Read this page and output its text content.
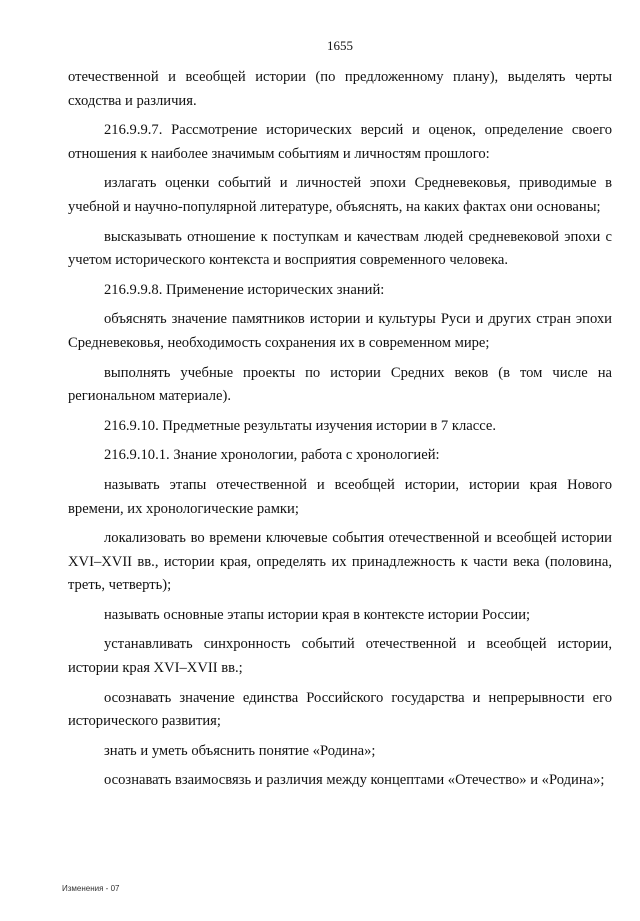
1655

отечественной и всеобщей истории (по предложенному плану), выделять черты сходства и различия.

216.9.9.7. Рассмотрение исторических версий и оценок, определение своего отношения к наиболее значимым событиям и личностям прошлого:

излагать оценки событий и личностей эпохи Средневековья, приводимые в учебной и научно-популярной литературе, объяснять, на каких фактах они основаны;

высказывать отношение к поступкам и качествам людей средневековой эпохи с учетом исторического контекста и восприятия современного человека.

216.9.9.8. Применение исторических знаний:

объяснять значение памятников истории и культуры Руси и других стран эпохи Средневековья, необходимость сохранения их в современном мире;

выполнять учебные проекты по истории Средних веков (в том числе на региональном материале).

216.9.10. Предметные результаты изучения истории в 7 классе.

216.9.10.1. Знание хронологии, работа с хронологией:

называть этапы отечественной и всеобщей истории, истории края Нового времени, их хронологические рамки;

локализовать во времени ключевые события отечественной и всеобщей истории XVI–XVII вв., истории края, определять их принадлежность к части века (половина, треть, четверть);

называть основные этапы истории края в контексте истории России;

устанавливать синхронность событий отечественной и всеобщей истории, истории края XVI–XVII вв.;

осознавать значение единства Российского государства и непрерывности его исторического развития;

знать и уметь объяснить понятие «Родина»;

осознавать взаимосвязь и различия между концептами «Отечество» и «Родина»;

Изменения - 07
